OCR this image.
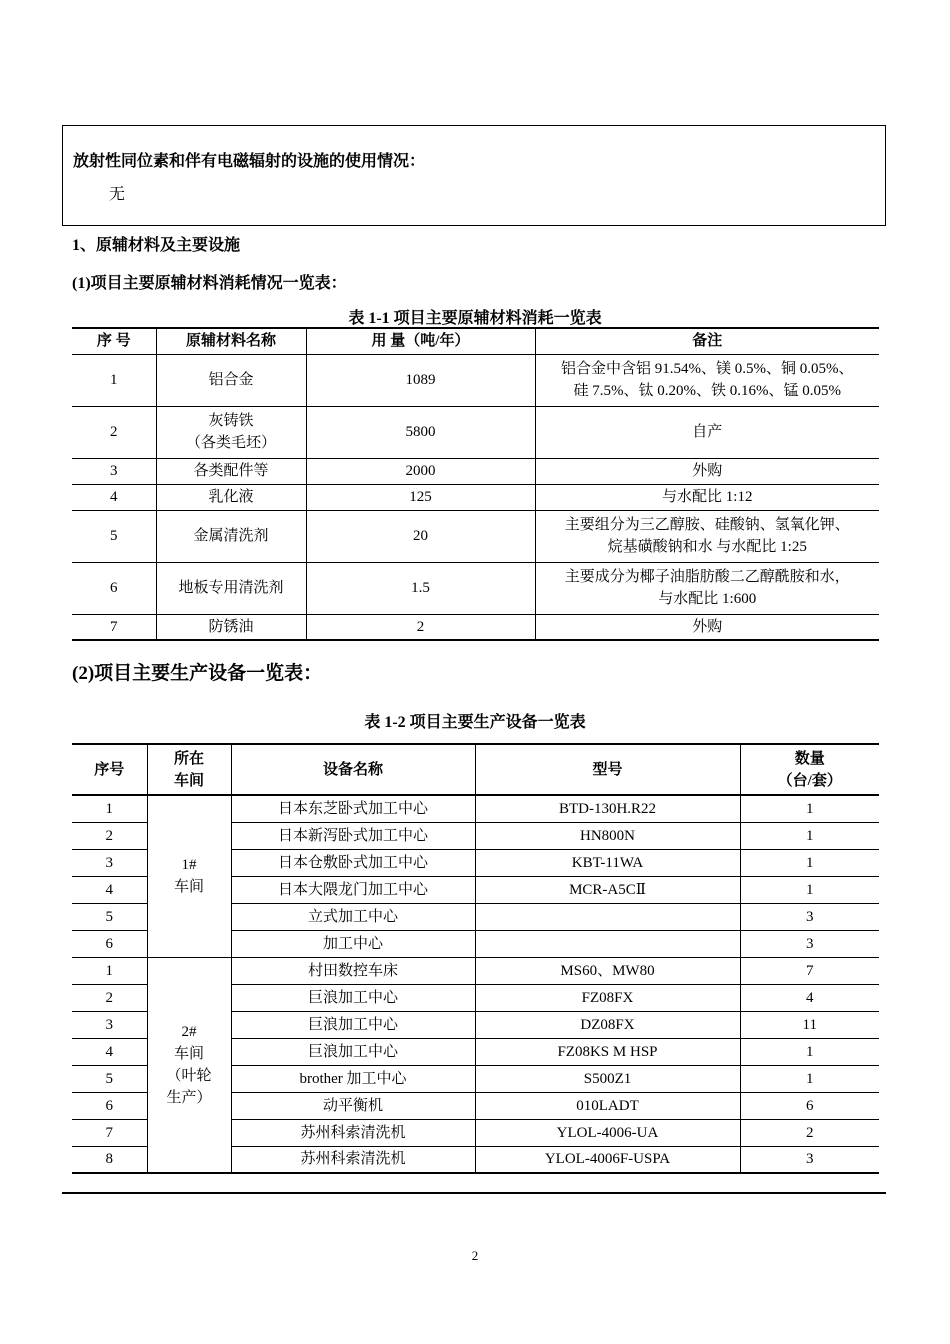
放射性同位素和伴有电磁辐射的设施的使用情况：
无
1、原辅材料及主要设施
(1)项目主要原辅材料消耗情况一览表：
表 1-1 项目主要原辅材料消耗一览表
序 号	原辅材料名称	用 量（吨/年）	备注
1	铝合金	1089	铝合金中含铝 91.54%、镁 0.5%、铜 0.05%、
硅 7.5%、钛 0.20%、铁 0.16%、锰 0.05%

2	灰铸铁
（各类毛坯）	5800	自产
3	各类配件等	2000	外购
4	乳化液	125	与水配比 1:12
5	金属清洗剂	20	主要组分为三乙醇胺、硅酸钠、氢氧化钾、
烷基磺酸钠和水 与水配比 1:25

6	地板专用清洗剂	1.5	主要成分为椰子油脂肪酸二乙醇酰胺和水，
与水配比 1:600

7	防锈油	2	外购
(2)项目主要生产设备一览表：
表 1-2 项目主要生产设备一览表
序号	所在
车间	设备名称	型号	数量
（台/套）

1	1#
车间	日本东芝卧式加工中心	BTD-130H.R22	1
2		日本新泻卧式加工中心	HN800N	1
3		日本仓敷卧式加工中心	KBT-11WA	1
4		日本大隈龙门加工中心	MCR-A5CⅡ	1
5		立式加工中心		3
6		加工中心		3
1	2#
车间
（叶轮
生产）	村田数控车床	MS60、MW80	7
2		巨浪加工中心	FZ08FX	4
3		巨浪加工中心	DZ08FX	11
4		巨浪加工中心	FZ08KS M HSP	1
5		brother 加工中心	S500Z1	1
6		动平衡机	010LADT	6
7		苏州科索清洗机	YLOL-4006-UA	2
8		苏州科索清洗机	YLOL-4006F-USPA	3
2
